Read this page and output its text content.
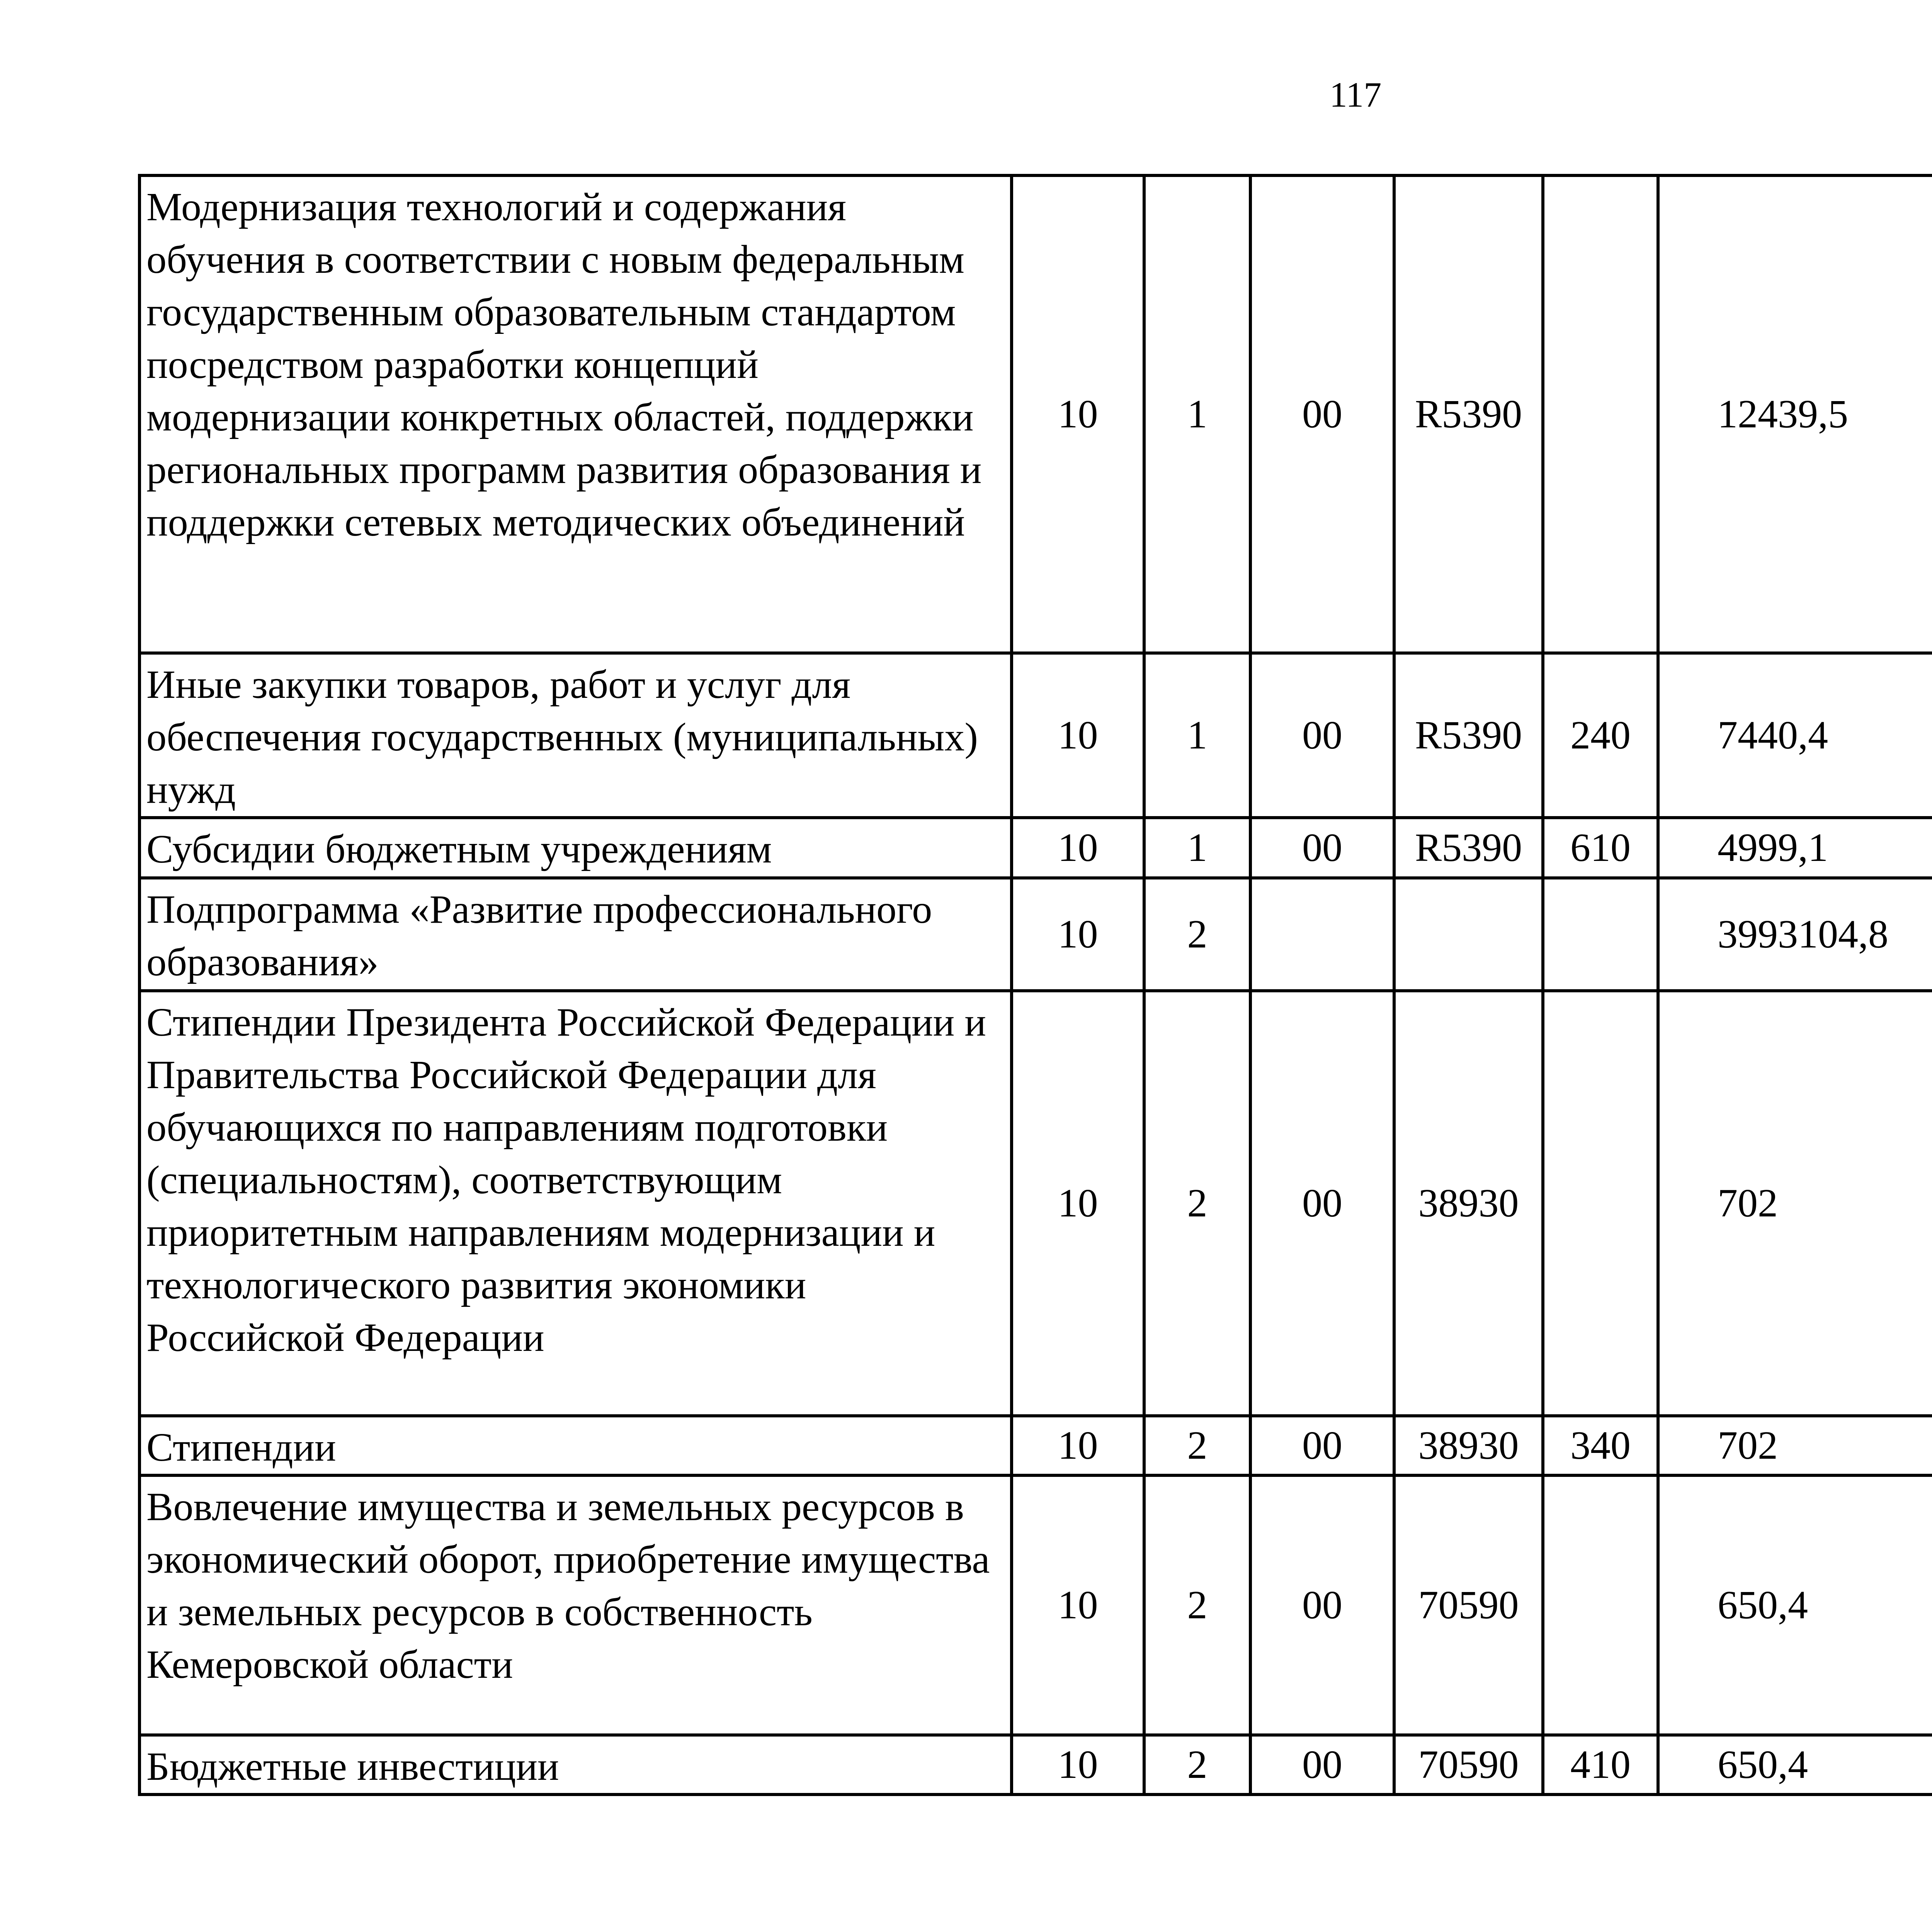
117
Модернизация технологий и содержания обучения в соответствии с новым федеральным государственным образовательным стандартом посредством разработки концепций модернизации конкретных областей, поддержки региональных программ развития образования и поддержки сетевых методических объединений	10	1	00	R5390		12439,5		
Иные закупки товаров, работ и услуг для обеспечения государственных (муниципальных) нужд	10	1	00	R5390	240	7440,4		
Субсидии бюджетным учреждениям	10	1	00	R5390	610	4999,1		
Подпрограмма «Развитие профессионального образования»	10	2				3993104,8		
Стипендии Президента Российской Федерации и Правительства Российской Федерации для обучающихся по направлениям подготовки (специальностям), соответствующим приоритетным направлениям модернизации и технологического развития экономики Российской Федерации	10	2	00	38930		702		
Стипендии	10	2	00	38930	340	702		
Вовлечение имущества и земельных ресурсов в экономический оборот, приобретение имущества и земельных ресурсов в собственность Кемеровской области	10	2	00	70590		650,4		
Бюджетные инвестиции	10	2	00	70590	410	650,4		
